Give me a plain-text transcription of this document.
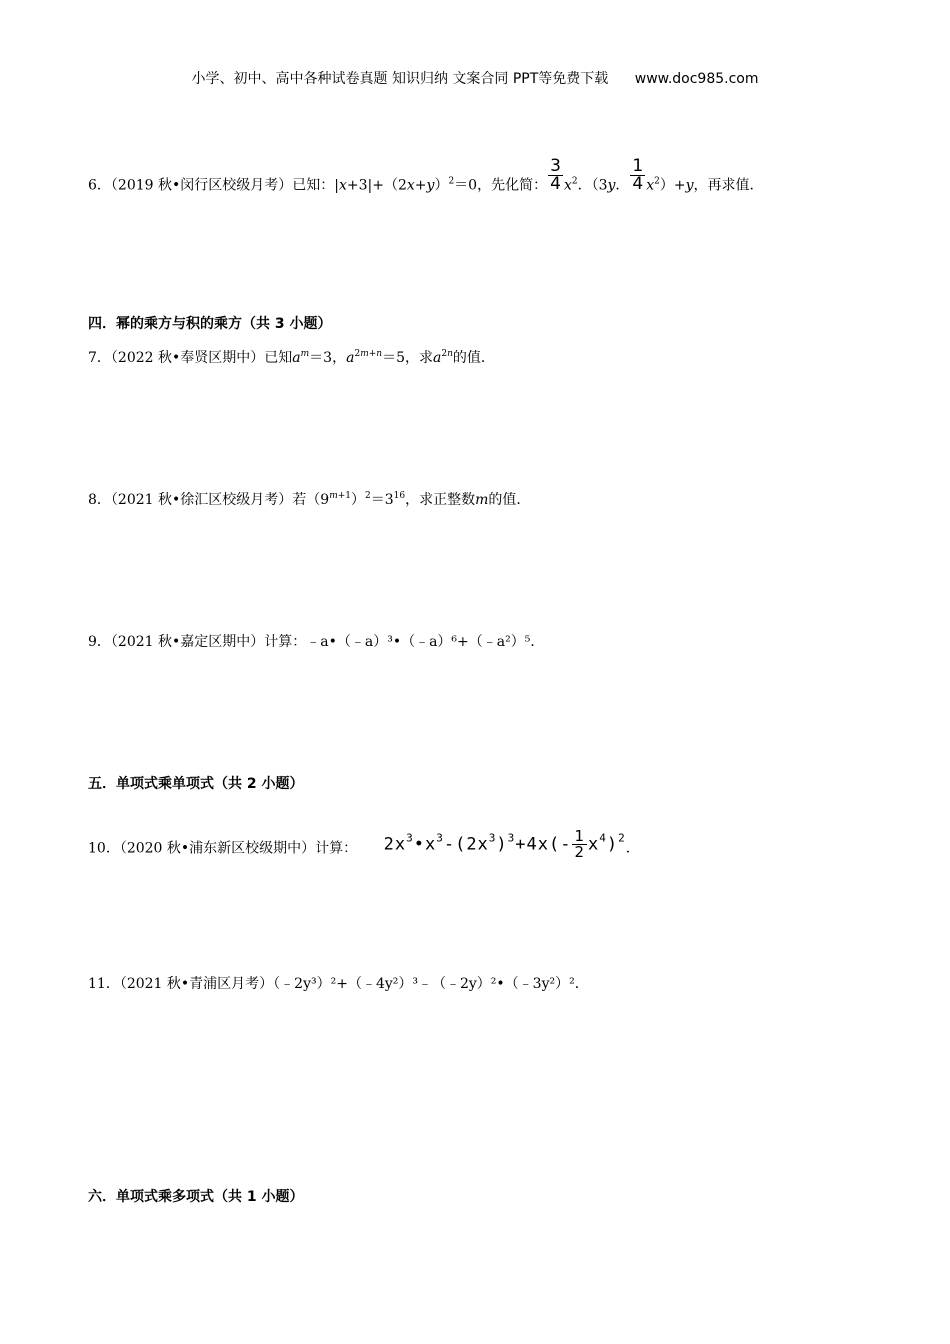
小学、初中、高中各种试卷真题 知识归纳 文案合同 PPT等免费下载 www.doc985.com
6．（2019 秋•闵行区校级月考）已知：$|x+3|+(2x+y)^2=0$，先化简： $\frac{3}{4} x^2$．（3y． $\frac{1}{4} x^2)+y$，再求值．
四．幂的乘方与积的乘方（共 3 小题）
7．（2022 秋•奉贤区期中）已知$a^m=3$，$a^{2m+n}=5$，求$a^{2n}$的值．
8．（2021 秋•徐汇区校级月考）若$(9^{m+1})^2=3^{16}$，求正整数m的值．
9．（2021 秋•嘉定区期中）计算：﹣a•（﹣a）³•（﹣a）⁶+（﹣a²）⁵．
五．单项式乘单项式（共 2 小题）
10．（2020 秋•浦东新区校级期中）计算： $2x^3•x^3-(2x^3)^3+4x(- \frac{1}{2} x^4)^2$．
11．（2021 秋•青浦区月考）（﹣2y³）²+（﹣4y²）³﹣（﹣2y）²•（﹣3y²）²．
六．单项式乘多项式（共 1 小题）
